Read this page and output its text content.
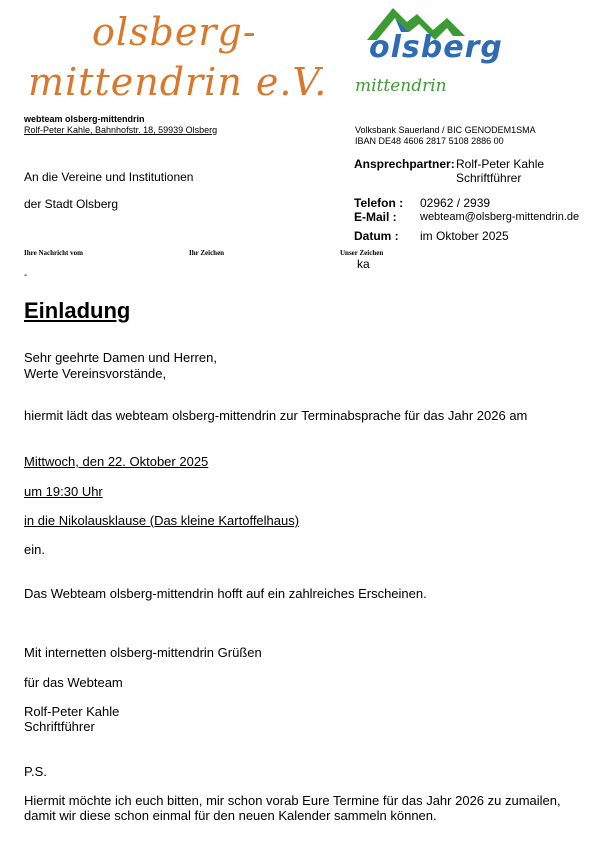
olsberg-
mittendrin e.V.
olsberg
mittendrin
webteam olsberg-mittendrin
Rolf-Peter Kahle, Bahnhofstr. 18, 59939 Olsberg	Volksbank Sauerland / BIC GENODEM1SMA
IBAN DE48 4606 2817 5108 2886 00
Ansprechpartner: Rolf-Peter Kahle
Schriftführer
Telefon : 02962 / 2939
E-Mail : webteam@olsberg-mittendrin.de
Datum : im Oktober 2025
An die Vereine und Institutionen
der Stadt Olsberg
Ihre Nachricht vom	Ihr Zeichen	Unser Zeichen
ka
-
Einladung
Sehr geehrte Damen und Herren,
Werte Vereinsvorstände,
hiermit lädt das webteam olsberg-mittendrin zur Terminabsprache für das Jahr 2026 am
Mittwoch, den 22. Oktober 2025
um 19:30 Uhr
in die Nikolausklause (Das kleine Kartoffelhaus)
ein.
Das Webteam olsberg-mittendrin hofft auf ein zahlreiches Erscheinen.
Mit internetten olsberg-mittendrin Grüßen
für das Webteam
Rolf-Peter Kahle
Schriftführer
P.S.
Hiermit möchte ich euch bitten, mir schon vorab Eure Termine für das Jahr 2026 zu zumailen,
damit wir diese schon einmal für den neuen Kalender sammeln können.
